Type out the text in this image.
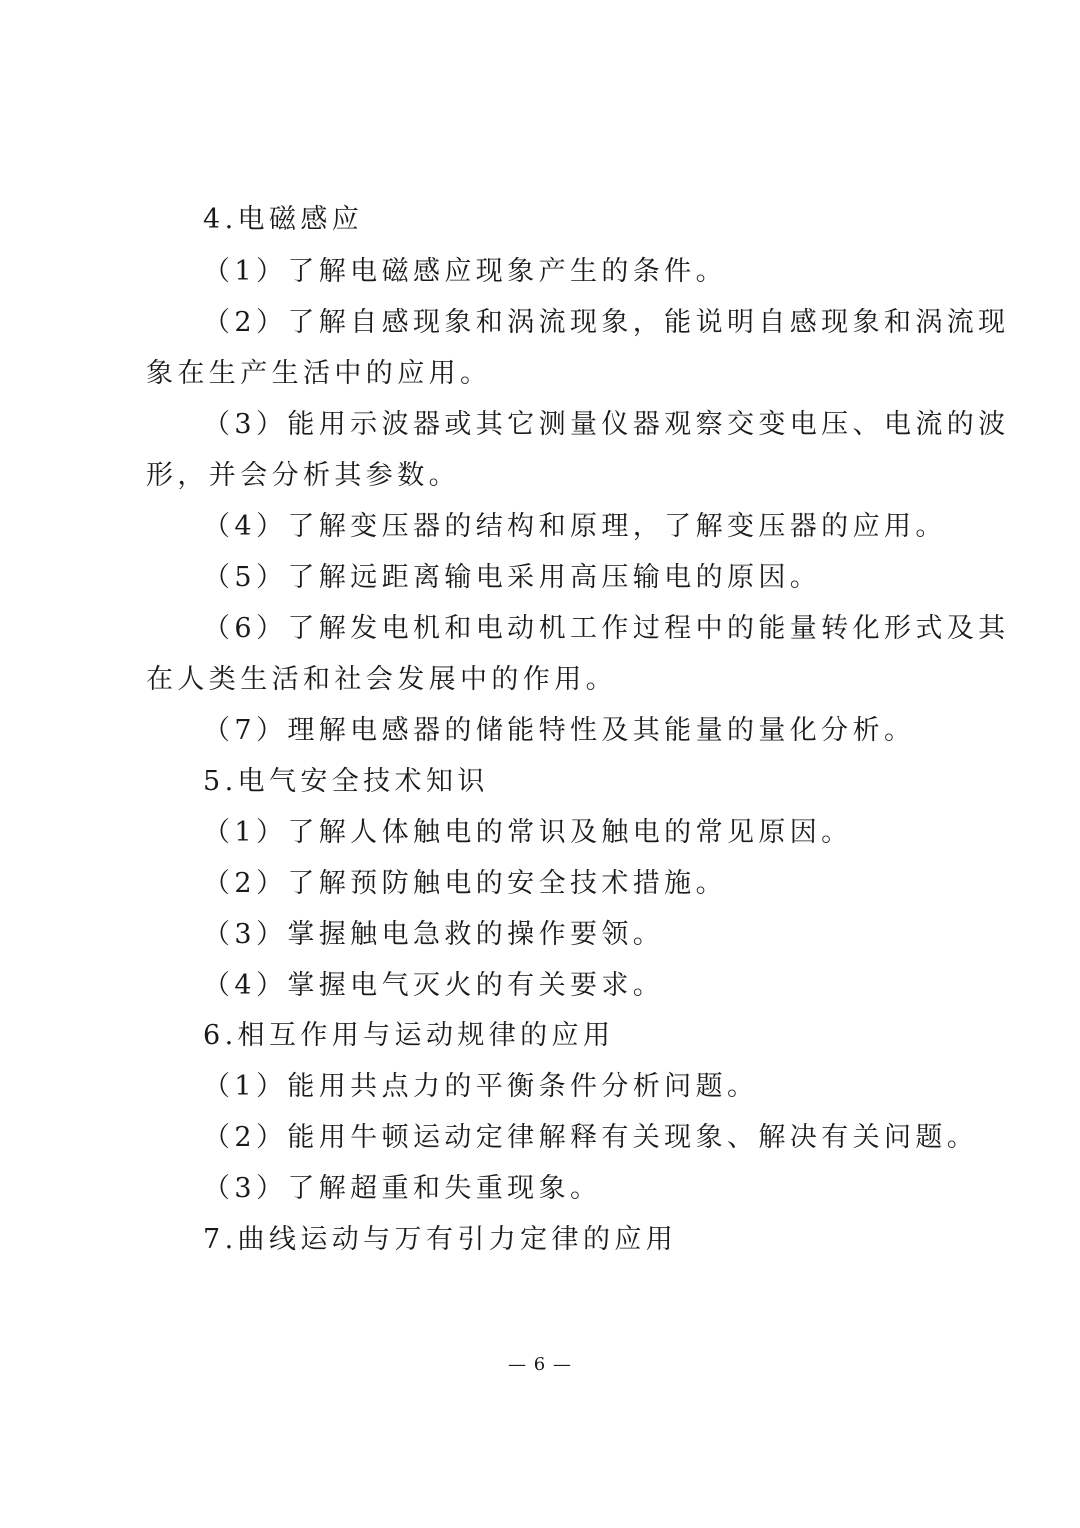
4.电磁感应
（1）了解电磁感应现象产生的条件。
（2）了解自感现象和涡流现象，能说明自感现象和涡流现
象在生产生活中的应用。
（3）能用示波器或其它测量仪器观察交变电压、电流的波
形，并会分析其参数。
（4）了解变压器的结构和原理，了解变压器的应用。
（5）了解远距离输电采用高压输电的原因。
（6）了解发电机和电动机工作过程中的能量转化形式及其
在人类生活和社会发展中的作用。
（7）理解电感器的储能特性及其能量的量化分析。
5.电气安全技术知识
（1）了解人体触电的常识及触电的常见原因。
（2）了解预防触电的安全技术措施。
（3）掌握触电急救的操作要领。
（4）掌握电气灭火的有关要求。
6.相互作用与运动规律的应用
（1）能用共点力的平衡条件分析问题。
（2）能用牛顿运动定律解释有关现象、解决有关问题。
（3）了解超重和失重现象。
7.曲线运动与万有引力定律的应用
— 6 —
